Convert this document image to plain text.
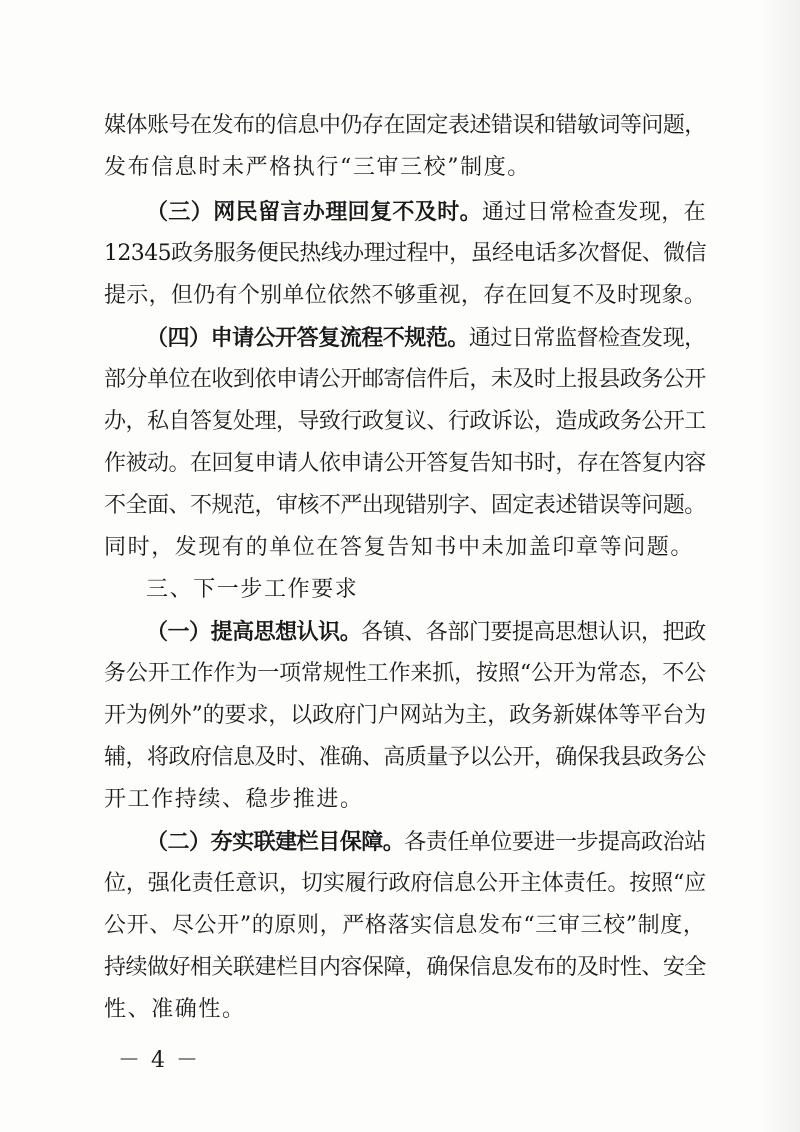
媒体账号在发布的信息中仍存在固定表述错误和错敏词等问题，
发布信息时未严格执行“三审三校”制度。
（三）网民留言办理回复不及时。通过日常检查发现，在
12345政务服务便民热线办理过程中，虽经电话多次督促、微信
提示，但仍有个别单位依然不够重视，存在回复不及时现象。
（四）申请公开答复流程不规范。通过日常监督检查发现，
部分单位在收到依申请公开邮寄信件后，未及时上报县政务公开
办，私自答复处理，导致行政复议、行政诉讼，造成政务公开工
作被动。在回复申请人依申请公开答复告知书时，存在答复内容
不全面、不规范，审核不严出现错别字、固定表述错误等问题。
同时，发现有的单位在答复告知书中未加盖印章等问题。
三、下一步工作要求
（一）提高思想认识。各镇、各部门要提高思想认识，把政
务公开工作作为一项常规性工作来抓，按照“公开为常态，不公
开为例外”的要求，以政府门户网站为主，政务新媒体等平台为
辅，将政府信息及时、准确、高质量予以公开，确保我县政务公
开工作持续、稳步推进。
（二）夯实联建栏目保障。各责任单位要进一步提高政治站
位，强化责任意识，切实履行政府信息公开主体责任。按照“应
公开、尽公开”的原则，严格落实信息发布“三审三校”制度，
持续做好相关联建栏目内容保障，确保信息发布的及时性、安全
性、准确性。
－ 4 －
